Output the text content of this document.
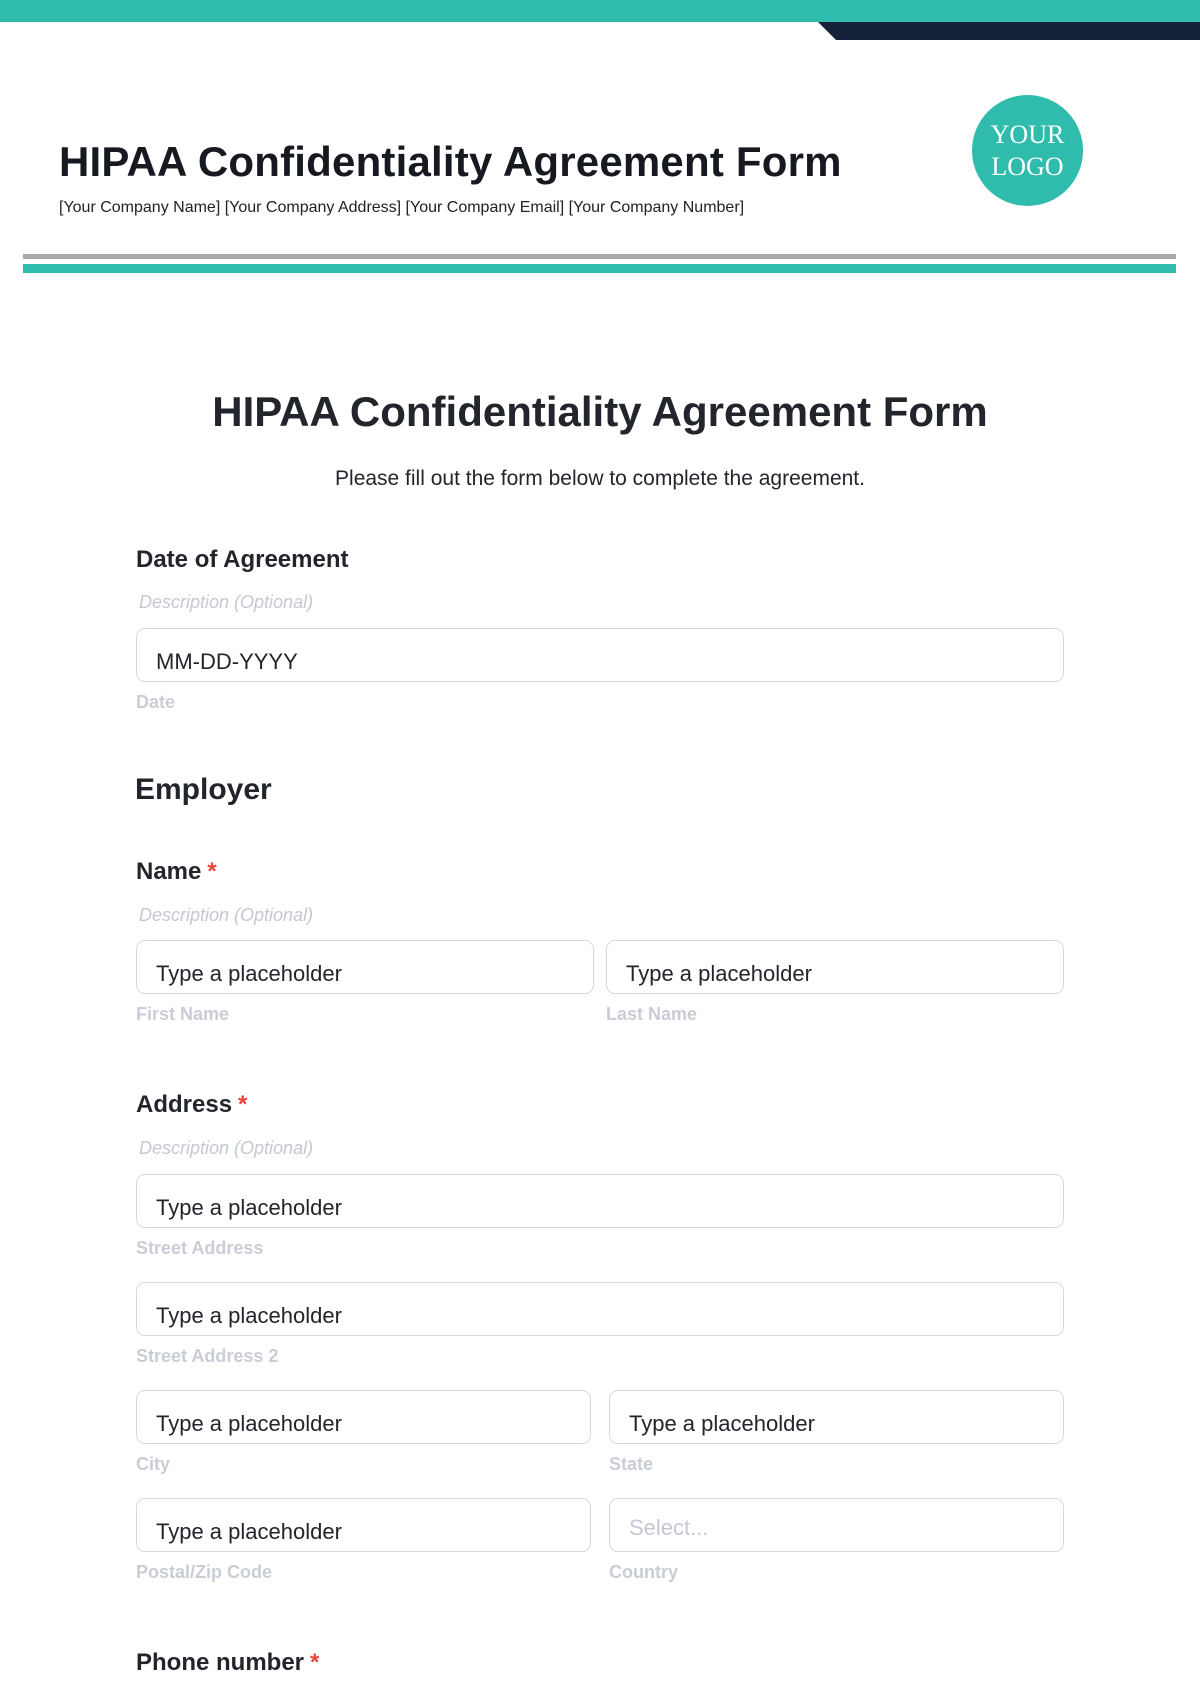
HIPAA Confidentiality Agreement Form
[Your Company Name] [Your Company Address] [Your Company Email] [Your Company Number]
YOUR
LOGO
HIPAA Confidentiality Agreement Form
Please fill out the form below to complete the agreement.
Date of Agreement
Description (Optional)
MM-DD-YYYY
Date
Employer
Name *
Description (Optional)
Type a placeholder	Type a placeholder
First Name	Last Name
Address *
Description (Optional)
Type a placeholder
Street Address
Type a placeholder
Street Address 2
Type a placeholder	Type a placeholder
City	State
Type a placeholder	Select...
Postal/Zip Code	Country
Phone number *
